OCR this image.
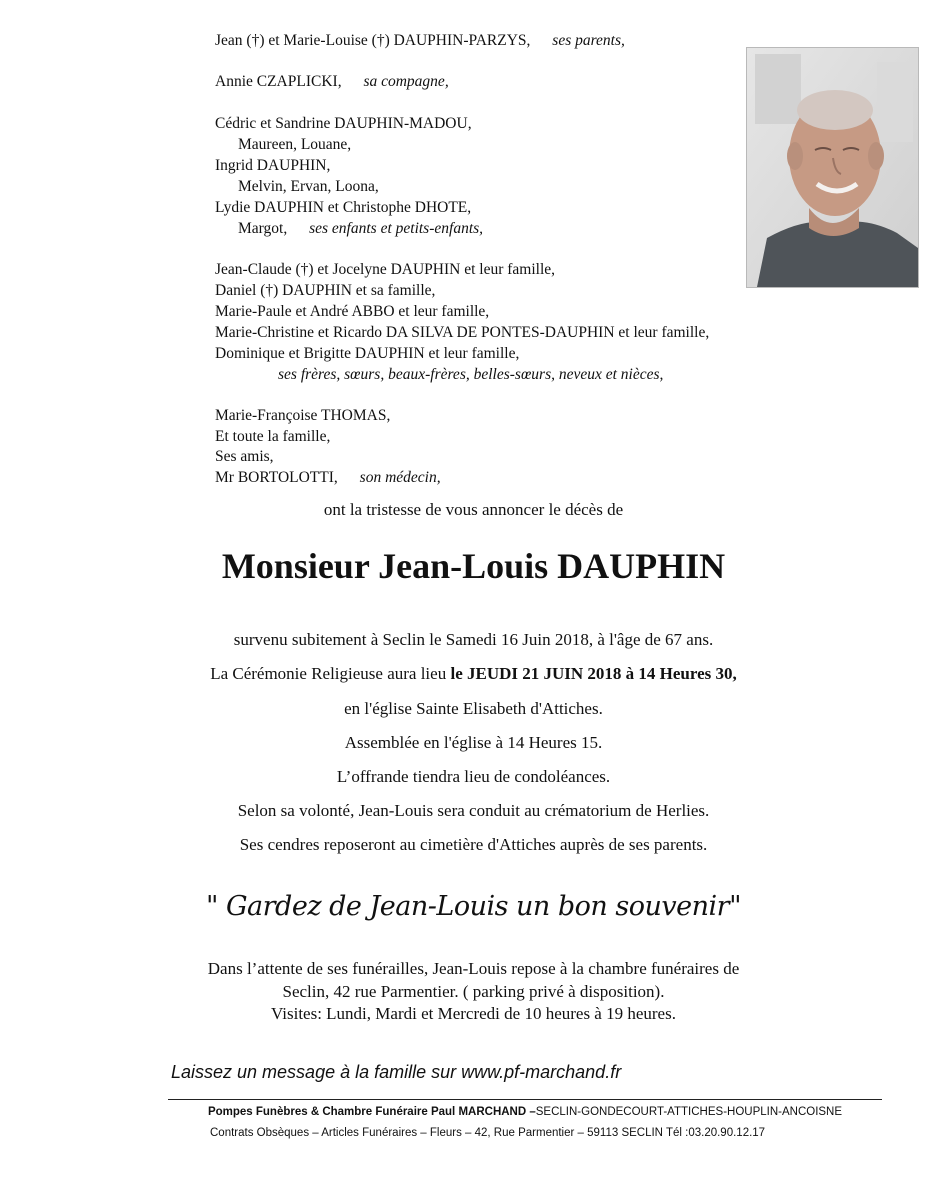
Jean (†) et Marie-Louise (†) DAUPHIN-PARZYS, ses parents,
Annie CZAPLICKI, sa compagne,
Cédric et Sandrine DAUPHIN-MADOU,
Maureen, Louane,
Ingrid DAUPHIN,
Melvin, Ervan, Loona,
Lydie DAUPHIN et Christophe DHOTE,
Margot, ses enfants et petits-enfants,
Jean-Claude (†) et Jocelyne DAUPHIN et leur famille,
Daniel (†) DAUPHIN et sa famille,
Marie-Paule et André ABBO et leur famille,
Marie-Christine et Ricardo DA SILVA DE PONTES-DAUPHIN et leur famille,
Dominique et Brigitte DAUPHIN et leur famille,
ses frères, sœurs, beaux-frères, belles-sœurs, neveux et nièces,
Marie-Françoise THOMAS,
Et toute la famille,
Ses amis,
Mr BORTOLOTTI, son médecin,
ont la tristesse de vous annoncer le décès de
Monsieur Jean-Louis DAUPHIN
survenu subitement à Seclin le Samedi 16 Juin 2018, à l'âge de 67 ans.
La Cérémonie Religieuse aura lieu le JEUDI 21 JUIN 2018 à 14 Heures 30,
en l'église Sainte Elisabeth d'Attiches.
Assemblée en l'église à 14 Heures 15.
L’offrande tiendra lieu de condoléances.
Selon sa volonté, Jean-Louis sera conduit au crématorium de Herlies.
Ses cendres reposeront au cimetière d'Attiches auprès de ses parents.
" Gardez de Jean-Louis un bon souvenir"
Dans l’attente de ses funérailles, Jean-Louis repose à la chambre funéraires de
Seclin, 42 rue Parmentier. ( parking privé à disposition).
Visites: Lundi, Mardi et Mercredi de 10 heures à 19 heures.
Laissez un message à la famille sur www.pf-marchand.fr
Pompes Funèbres & Chambre Funéraire Paul MARCHAND –SECLIN-GONDECOURT-ATTICHES-HOUPLIN-ANCOISNE
Contrats Obsèques – Articles Funéraires – Fleurs – 42, Rue Parmentier – 59113 SECLIN Tél :03.20.90.12.17
